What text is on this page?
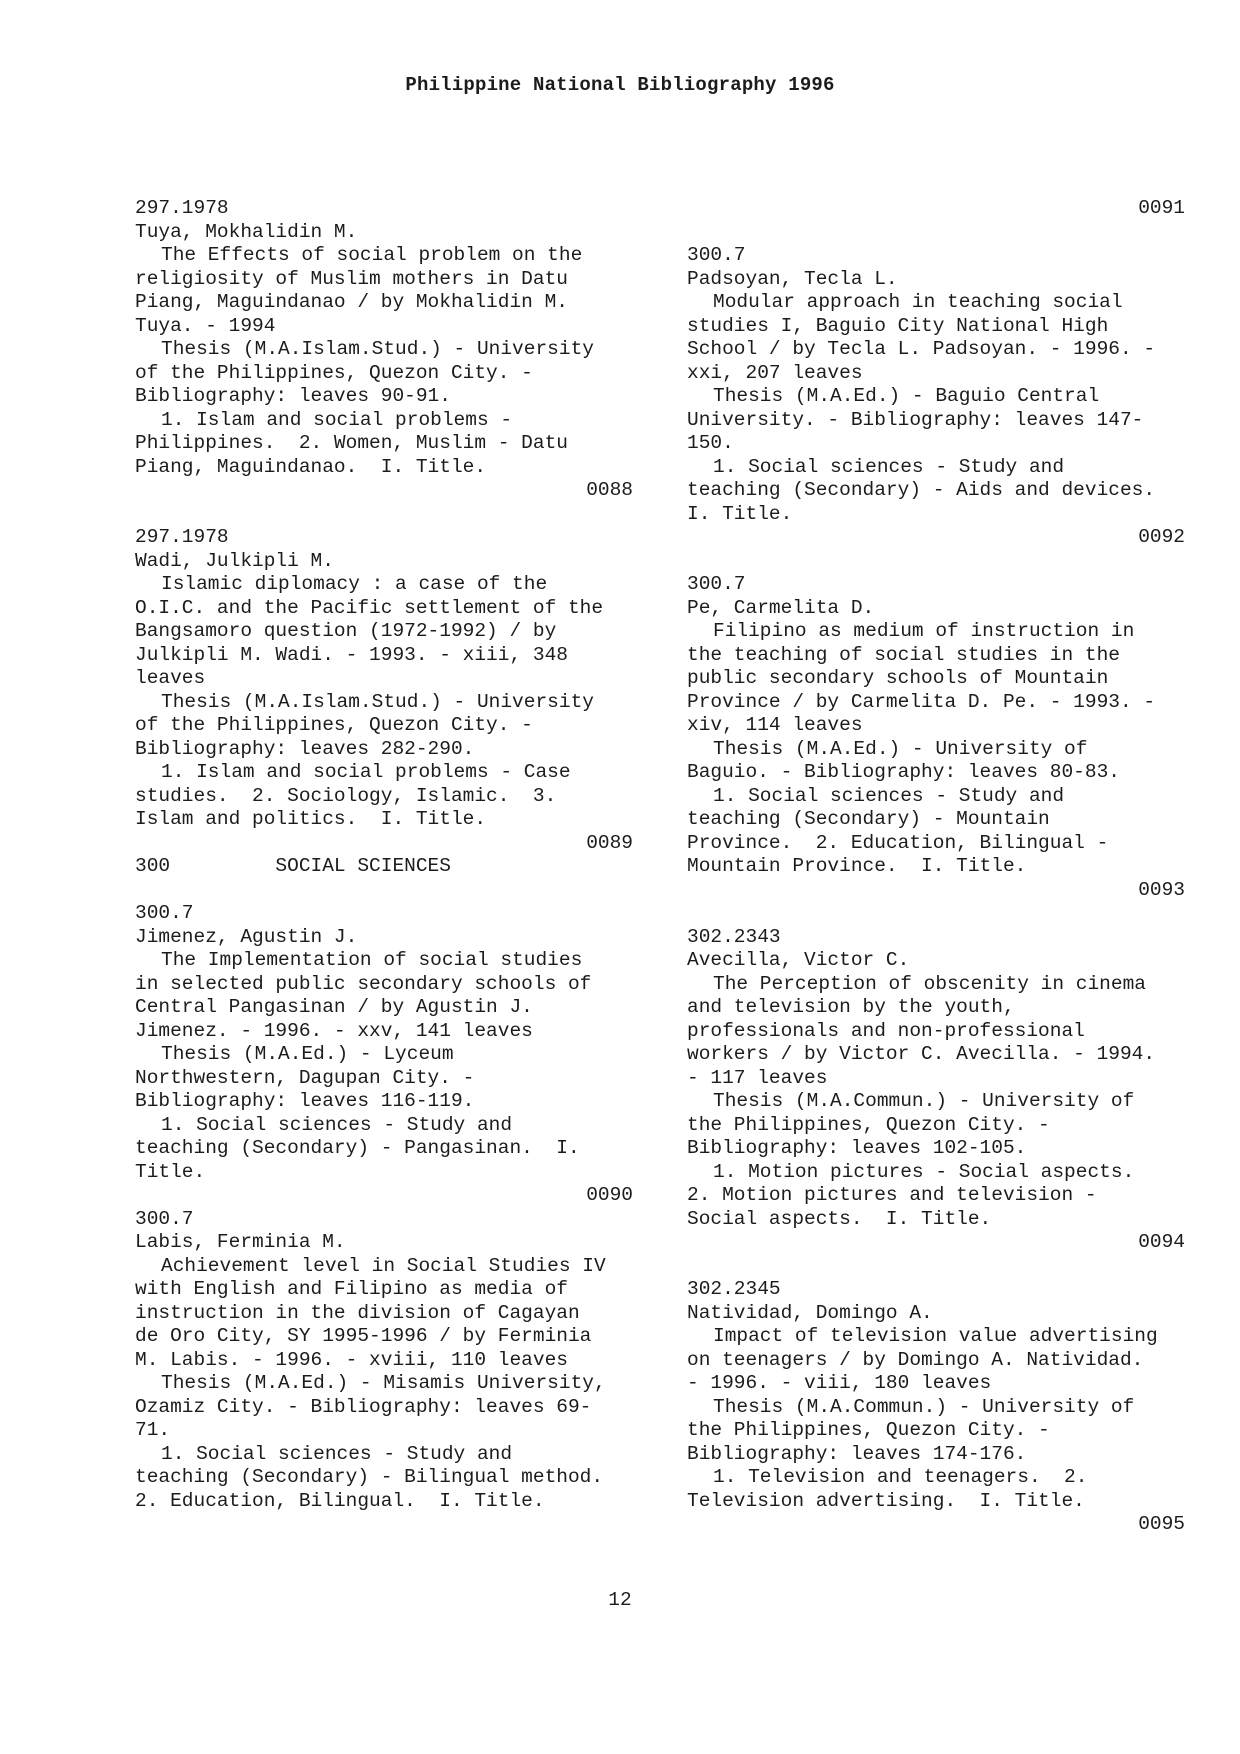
Philippine National Bibliography 1996
297.1978
Tuya, Mokhalidin M.
The Effects of social problem on the
religiosity of Muslim mothers in Datu
Piang, Maguindanao / by Mokhalidin M.
Tuya. - 1994
Thesis (M.A.Islam.Stud.) - University
of the Philippines, Quezon City. -
Bibliography: leaves 90-91.
1. Islam and social problems -
Philippines.  2. Women, Muslim - Datu
Piang, Maguindanao.  I. Title.
0088
297.1978
Wadi, Julkipli M.
Islamic diplomacy : a case of the
O.I.C. and the Pacific settlement of the
Bangsamoro question (1972-1992) / by
Julkipli M. Wadi. - 1993. - xiii, 348
leaves
Thesis (M.A.Islam.Stud.) - University
of the Philippines, Quezon City. -
Bibliography: leaves 282-290.
1. Islam and social problems - Case
studies.  2. Sociology, Islamic.  3.
Islam and politics.  I. Title.
0089
300         SOCIAL SCIENCES
300.7
Jimenez, Agustin J.
The Implementation of social studies
in selected public secondary schools of
Central Pangasinan / by Agustin J.
Jimenez. - 1996. - xxv, 141 leaves
Thesis (M.A.Ed.) - Lyceum
Northwestern, Dagupan City. -
Bibliography: leaves 116-119.
1. Social sciences - Study and
teaching (Secondary) - Pangasinan.  I.
Title.
0090
300.7
Labis, Ferminia M.
Achievement level in Social Studies IV
with English and Filipino as media of
instruction in the division of Cagayan
de Oro City, SY 1995-1996 / by Ferminia
M. Labis. - 1996. - xviii, 110 leaves
Thesis (M.A.Ed.) - Misamis University,
Ozamiz City. - Bibliography: leaves 69-
71.
1. Social sciences - Study and
teaching (Secondary) - Bilingual method.
2. Education, Bilingual.  I. Title.
0091
300.7
Padsoyan, Tecla L.
Modular approach in teaching social
studies I, Baguio City National High
School / by Tecla L. Padsoyan. - 1996. -
xxi, 207 leaves
Thesis (M.A.Ed.) - Baguio Central
University. - Bibliography: leaves 147-
150.
1. Social sciences - Study and
teaching (Secondary) - Aids and devices.
I. Title.
0092
300.7
Pe, Carmelita D.
Filipino as medium of instruction in
the teaching of social studies in the
public secondary schools of Mountain
Province / by Carmelita D. Pe. - 1993. -
xiv, 114 leaves
Thesis (M.A.Ed.) - University of
Baguio. - Bibliography: leaves 80-83.
1. Social sciences - Study and
teaching (Secondary) - Mountain
Province.  2. Education, Bilingual -
Mountain Province.  I. Title.
0093
302.2343
Avecilla, Victor C.
The Perception of obscenity in cinema
and television by the youth,
professionals and non-professional
workers / by Victor C. Avecilla. - 1994.
- 117 leaves
Thesis (M.A.Commun.) - University of
the Philippines, Quezon City. -
Bibliography: leaves 102-105.
1. Motion pictures - Social aspects.
2. Motion pictures and television -
Social aspects.  I. Title.
0094
302.2345
Natividad, Domingo A.
Impact of television value advertising
on teenagers / by Domingo A. Natividad.
- 1996. - viii, 180 leaves
Thesis (M.A.Commun.) - University of
the Philippines, Quezon City. -
Bibliography: leaves 174-176.
1. Television and teenagers.  2.
Television advertising.  I. Title.
0095
12
